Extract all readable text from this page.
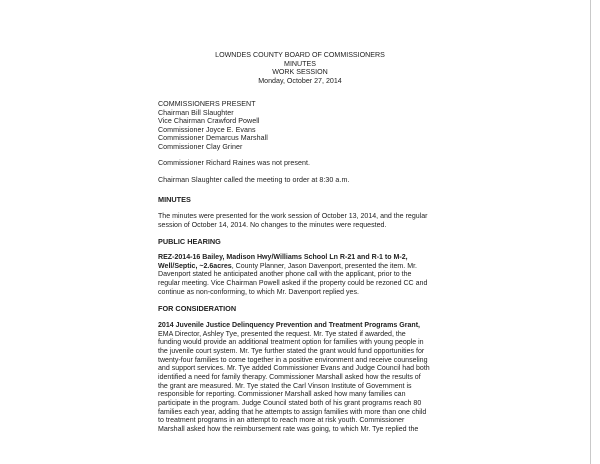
LOWNDES COUNTY BOARD OF COMMISSIONERS
MINUTES
WORK SESSION
Monday, October 27, 2014
COMMISSIONERS PRESENT
Chairman Bill Slaughter
Vice Chairman Crawford Powell
Commissioner Joyce E. Evans
Commissioner Demarcus Marshall
Commissioner Clay Griner
Commissioner Richard Raines was not present.
Chairman Slaughter called the meeting to order at 8:30 a.m.
MINUTES

The minutes were presented for the work session of October 13, 2014, and the regular

session of October 14, 2014. No changes to the minutes were requested.

PUBLIC HEARING

REZ-2014-16 Bailey, Madison Hwy/Williams School Ln R-21 and R-1 to M-2,

Well/Septic, ~2.6acres, County Planner, Jason Davenport, presented the item. Mr.

Davenport stated he anticipated another phone call with the applicant, prior to the

regular meeting. Vice Chairman Powell asked if the property could be rezoned CC and

continue as non-conforming, to which Mr. Davenport replied yes.

FOR CONSIDERATION

2014 Juvenile Justice Delinquency Prevention and Treatment Programs Grant,

EMA Director, Ashley Tye, presented the request. Mr. Tye stated if awarded, the

funding would provide an additional treatment option for families with young people in

the juvenile court system. Mr. Tye further stated the grant would fund opportunities for

twenty-four families to come together in a positive environment and receive counseling

and support services. Mr. Tye added Commissioner Evans and Judge Council had both

identified a need for family therapy. Commissioner Marshall asked how the results of

the grant are measured. Mr. Tye stated the Carl Vinson Institute of Government is

responsible for reporting. Commissioner Marshall asked how many families can

participate in the program. Judge Council stated both of his grant programs reach 80

families each year, adding that he attempts to assign families with more than one child

to treatment programs in an attempt to reach more at risk youth. Commissioner

Marshall asked how the reimbursement rate was going, to which Mr. Tye replied the
